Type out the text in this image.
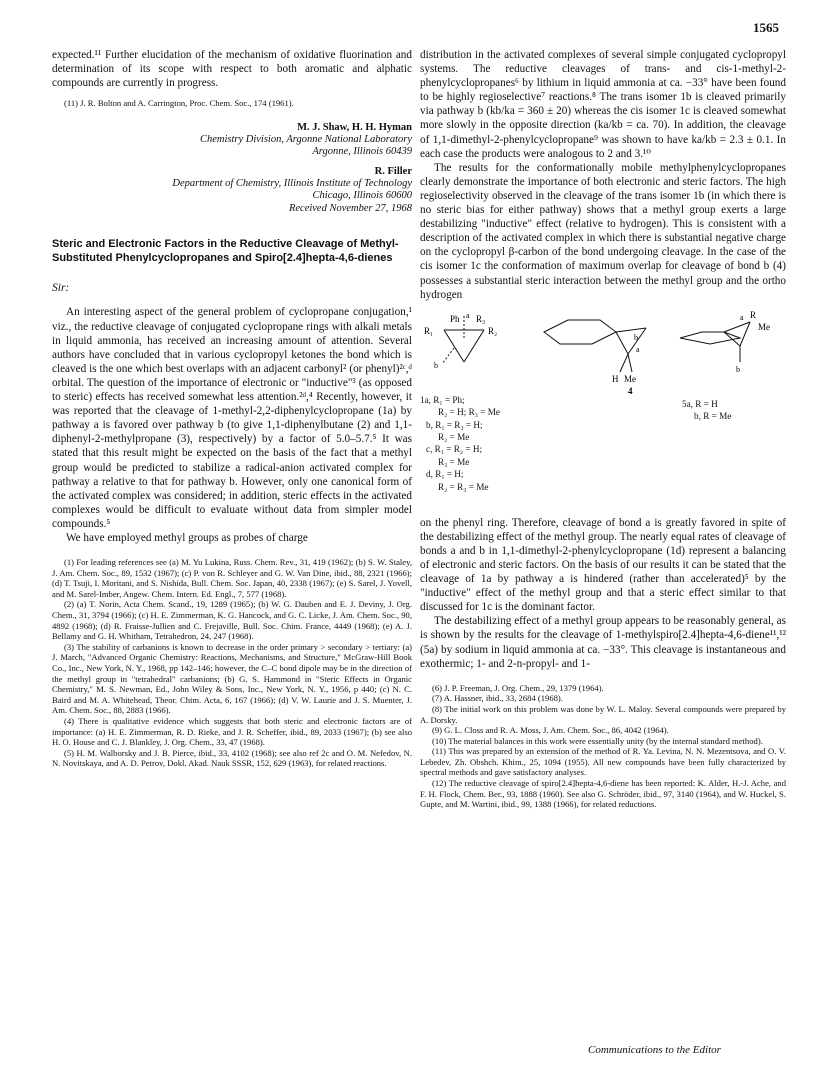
1565

expected.¹¹ Further elucidation of the mechanism of oxidative fluorination and determination of its scope with respect to both aromatic and alphatic compounds are currently in progress.

(11) J. R. Bolton and A. Carrington, Proc. Chem. Soc., 174 (1961).

M. J. Shaw, H. H. Hyman
Chemistry Division, Argonne National Laboratory
Argonne, Illinois 60439
R. Filler
Department of Chemistry, Illinois Institute of Technology
Chicago, Illinois 60600
Received November 27, 1968
Steric and Electronic Factors in the Reductive Cleavage of Methyl-Substituted Phenylcyclopropanes and Spiro[2.4]hepta-4,6-dienes
Sir:

An interesting aspect of the general problem of cyclopropane conjugation,¹ viz., the reductive cleavage of conjugated cyclopropane rings with alkali metals in liquid ammonia, has received an increasing amount of attention. Several authors have concluded that in various cyclopropyl ketones the bond which is cleaved is the one which best overlaps with an adjacent carbonyl² (or phenyl)²ᶜ,ᵈ orbital. The question of the importance of electronic or "inductive"³ (as opposed to steric) effects has received somewhat less attention.²ᵈ,⁴ Recently, however, it was reported that the cleavage of 1-methyl-2,2-diphenylcyclopropane (1a) by pathway a is favored over pathway b (to give 1,1-diphenylbutane (2) and 1,1-diphenyl-2-methylpropane (3), respectively) by a factor of 5.0–5.7.⁵ It was stated that this result might be expected on the basis of the fact that a methyl group would be predicted to stabilize a radical-anion activated complex for pathway a relative to that for pathway b. However, only one canonical form of the activated complex was considered; in addition, steric effects in the activated complexes would be difficult to evaluate without data from simpler model compounds.⁵

We have employed methyl groups as probes of charge

(1) For leading references see (a) M. Yu Lukina, Russ. Chem. Rev., 31, 419 (1962); (b) S. W. Staley, J. Am. Chem. Soc., 89, 1532 (1967); (c) P. von R. Schleyer and G. W. Van Dine, ibid., 88, 2321 (1966); (d) T. Tsuji, I. Moritani, and S. Nishida, Bull. Chem. Soc. Japan, 40, 2338 (1967); (e) S. Sarel, J. Yovell, and M. Sarel-Imber, Angew. Chem. Intern. Ed. Engl., 7, 577 (1968).

(2) (a) T. Norin, Acta Chem. Scand., 19, 1289 (1965); (b) W. G. Dauben and E. J. Deviny, J. Org. Chem., 31, 3794 (1966); (c) H. E. Zimmerman, K. G. Hancock, and G. C. Licke, J. Am. Chem. Soc., 90, 4892 (1968); (d) R. Fraisse-Jullien and C. Frejaville, Bull. Soc. Chim. France, 4449 (1968); (e) A. J. Bellamy and G. H. Whitham, Tetrahedron, 24, 247 (1968).

(3) The stability of carbanions is known to decrease in the order primary > secondary > tertiary: (a) J. March, "Advanced Organic Chemistry: Reactions, Mechanisms, and Structure," McGraw-Hill Book Co., Inc., New York, N. Y., 1968, pp 142–146; however, the C–C bond dipole may be in the direction of the methyl group in "tetrahedral" carbanions; (b) G. S. Hammond in "Steric Effects in Organic Chemistry," M. S. Newman, Ed., John Wiley & Sons, Inc., New York, N. Y., 1956, p 440; (c) N. C. Baird and M. A. Whitehead, Theor. Chim. Acta, 6, 167 (1966); (d) V. W. Laurie and J. S. Muenter, J. Am. Chem. Soc., 88, 2883 (1966).

(4) There is qualitative evidence which suggests that both steric and electronic factors are of importance: (a) H. E. Zimmerman, R. D. Rieke, and J. R. Scheffer, ibid., 89, 2033 (1967); (b) see also H. O. House and C. J. Blankley, J. Org. Chem., 33, 47 (1968).

(5) H. M. Walborsky and J. B. Pierce, ibid., 33, 4102 (1968); see also ref 2c and O. M. Nefedov, N. N. Novitskaya, and A. D. Petrov, Dokl. Akad. Nauk SSSR, 152, 629 (1963), for related reactions.

distribution in the activated complexes of several simple conjugated cyclopropyl systems. The reductive cleavages of trans- and cis-1-methyl-2-phenylcyclopropanes⁶ by lithium in liquid ammonia at ca. −33° have been found to be highly regioselective⁷ reactions.⁸ The trans isomer 1b is cleaved primarily via pathway b (kb/ka = 360 ± 20) whereas the cis isomer 1c is cleaved somewhat more slowly in the opposite direction (ka/kb = ca. 70). In addition, the cleavage of 1,1-dimethyl-2-phenylcyclopropane⁹ was shown to have ka/kb = 2.3 ± 0.1. In each case the products were analogous to 2 and 3.¹⁰

The results for the conformationally mobile methylphenylcyclopropanes clearly demonstrate the importance of both electronic and steric factors. The high regioselectivity observed in the cleavage of the trans isomer 1b (in which there is no steric bias for either pathway) shows that a methyl group exerts a large destabilizing "inductive" effect (relative to hydrogen). This is consistent with a description of the activated complex in which there is substantial negative charge on the cyclopropyl β-carbon of the bond undergoing cleavage. In the case of the cis isomer 1c the conformation of maximum overlap for cleavage of bond b (4) possesses a substantial steric interaction between the methyl group and the ortho hydrogen

Ph a R₃
R₁	R₂
b
b
a
H Me
4
a R
Me
b
1a, R₁ = Ph;
R₂ = H; R₃ = Me
b, R₁ = R₃ = H;
R₂ = Me
c, R₁ = R₂ = H;
R₃ = Me
d, R₁ = H;
R₂ = R₃ = Me
5a, R = H
b, R = Me

on the phenyl ring. Therefore, cleavage of bond a is greatly favored in spite of the destabilizing effect of the methyl group. The nearly equal rates of cleavage of bonds a and b in 1,1-dimethyl-2-phenylcyclopropane (1d) represent a balancing of electronic and steric factors. On the basis of our results it can be stated that the cleavage of 1a by pathway a is hindered (rather than accelerated)⁵ by the "inductive" effect of the methyl group and that a steric effect similar to that discussed for 1c is the dominant factor.

The destabilizing effect of a methyl group appears to be reasonably general, as is shown by the results for the cleavage of 1-methylspiro[2.4]hepta-4,6-diene¹¹,¹² (5a) by sodium in liquid ammonia at ca. −33°. This cleavage is instantaneous and exothermic; 1- and 2-n-propyl- and 1-

(6) J. P. Freeman, J. Org. Chem., 29, 1379 (1964).

(7) A. Hassner, ibid., 33, 2684 (1968).

(8) The initial work on this problem was done by W. L. Maloy. Several compounds were prepared by A. Dorsky.

(9) G. L. Closs and R. A. Moss, J. Am. Chem. Soc., 86, 4042 (1964).

(10) The material balances in this work were essentially unity (by the internal standard method).

(11) This was prepared by an extension of the method of R. Ya. Levina, N. N. Mezentsova, and O. V. Lebedev, Zh. Obshch. Khim., 25, 1094 (1955). All new compounds have been fully characterized by spectral methods and gave satisfactory analyses.

(12) The reductive cleavage of spiro[2.4]hepta-4,6-diene has been reported: K. Alder, H.-J. Ache, and F. H. Flock, Chem. Ber., 93, 1888 (1960). See also G. Schröder, ibid., 97, 3140 (1964), and W. Huckel, S. Gupte, and M. Wartini, ibid., 99, 1388 (1966), for related reductions.

Communications to the Editor
